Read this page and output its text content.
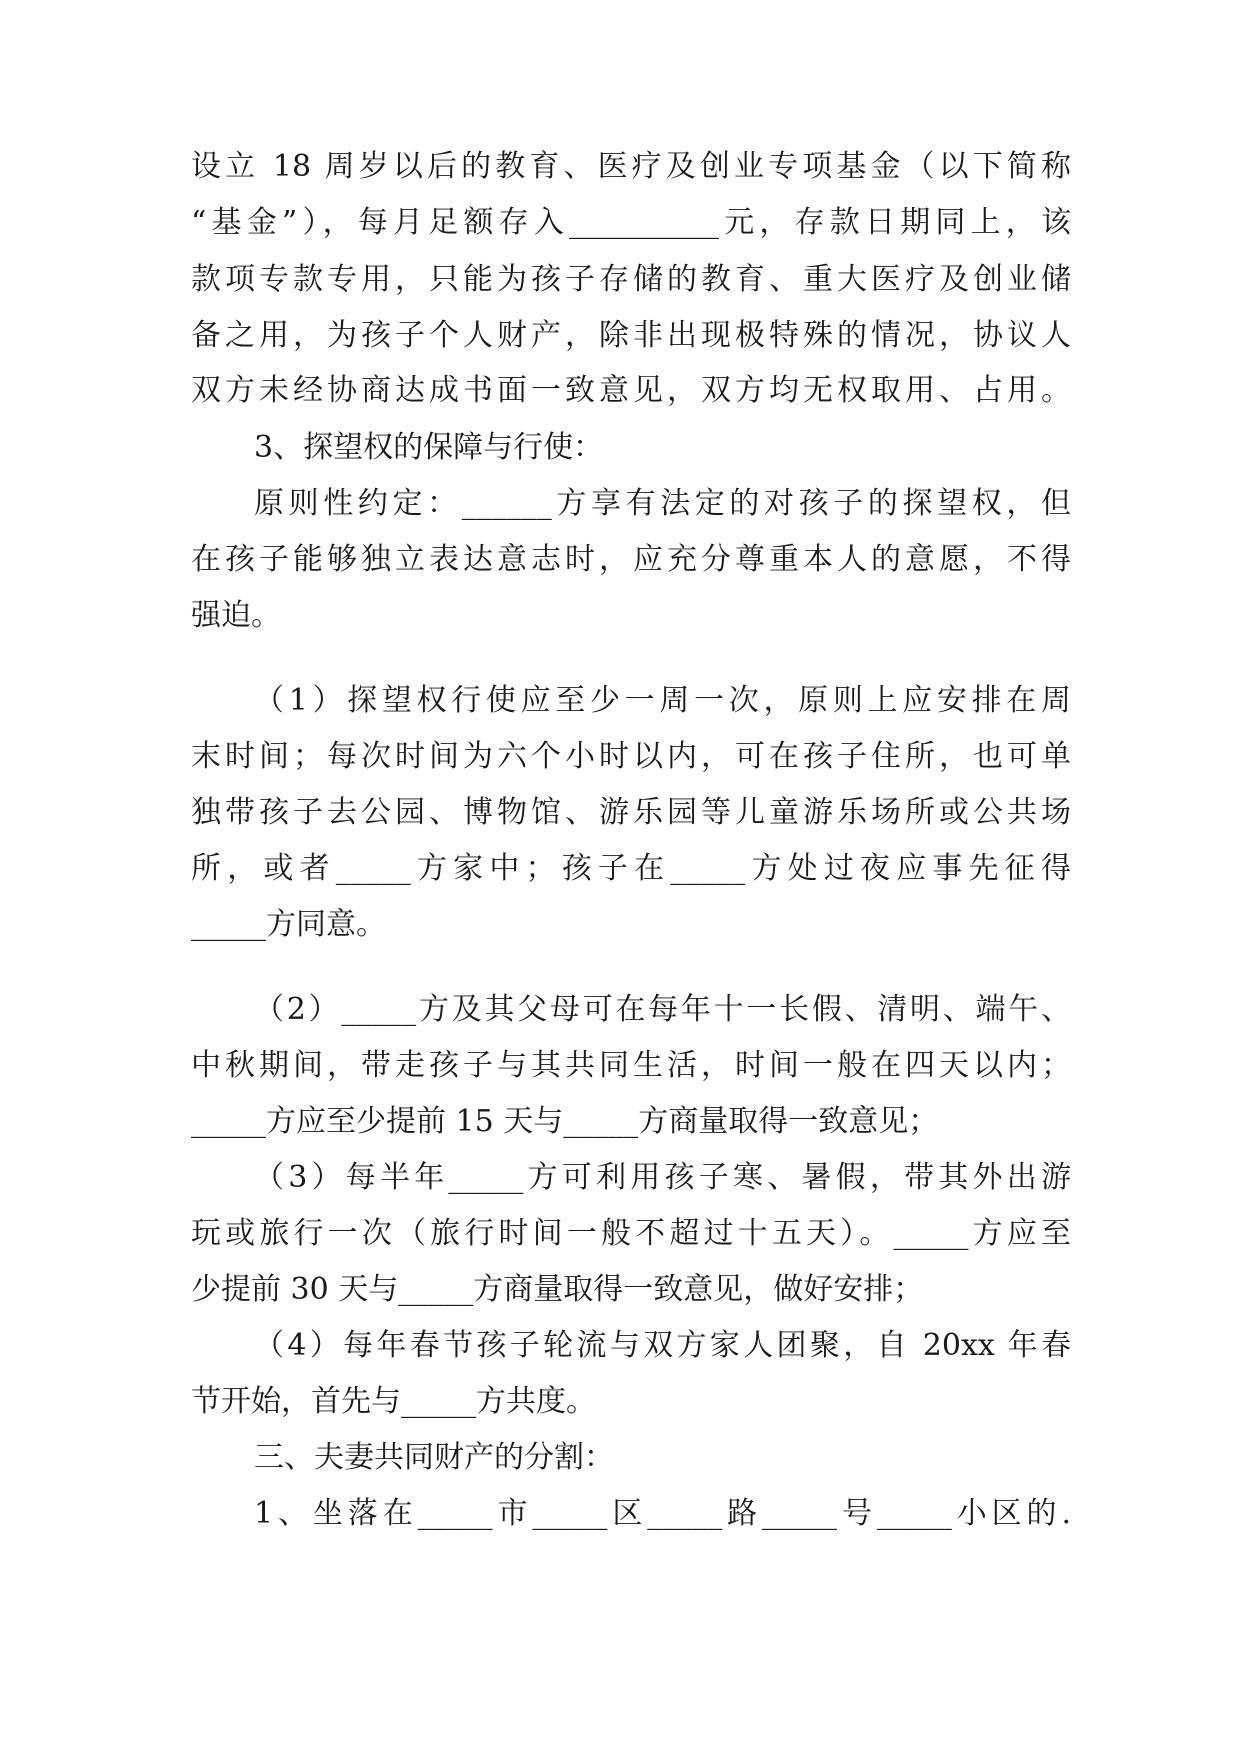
设立 18 周岁以后的教育、医疗及创业专项基金（以下简称
“基金”），每月足额存入__________元，存款日期同上，该
款项专款专用，只能为孩子存储的教育、重大医疗及创业储
备之用，为孩子个人财产，除非出现极特殊的情况，协议人
双方未经协商达成书面一致意见，双方均无权取用、占用。
3、探望权的保障与行使：
原则性约定：______方享有法定的对孩子的探望权，但
在孩子能够独立表达意志时，应充分尊重本人的意愿，不得
强迫。
（1）探望权行使应至少一周一次，原则上应安排在周
末时间；每次时间为六个小时以内，可在孩子住所，也可单
独带孩子去公园、博物馆、游乐园等儿童游乐场所或公共场
所，或者_____方家中；孩子在_____方处过夜应事先征得
_____方同意。
（2）_____方及其父母可在每年十一长假、清明、端午、
中秋期间，带走孩子与其共同生活，时间一般在四天以内；
_____方应至少提前 15 天与_____方商量取得一致意见；
（3）每半年_____方可利用孩子寒、暑假，带其外出游
玩或旅行一次（旅行时间一般不超过十五天）。_____方应至
少提前 30 天与_____方商量取得一致意见，做好安排；
（4）每年春节孩子轮流与双方家人团聚，自 20xx 年春
节开始，首先与_____方共度。
三、夫妻共同财产的分割：
1、坐落在_____市_____区_____路_____号_____小区的.
